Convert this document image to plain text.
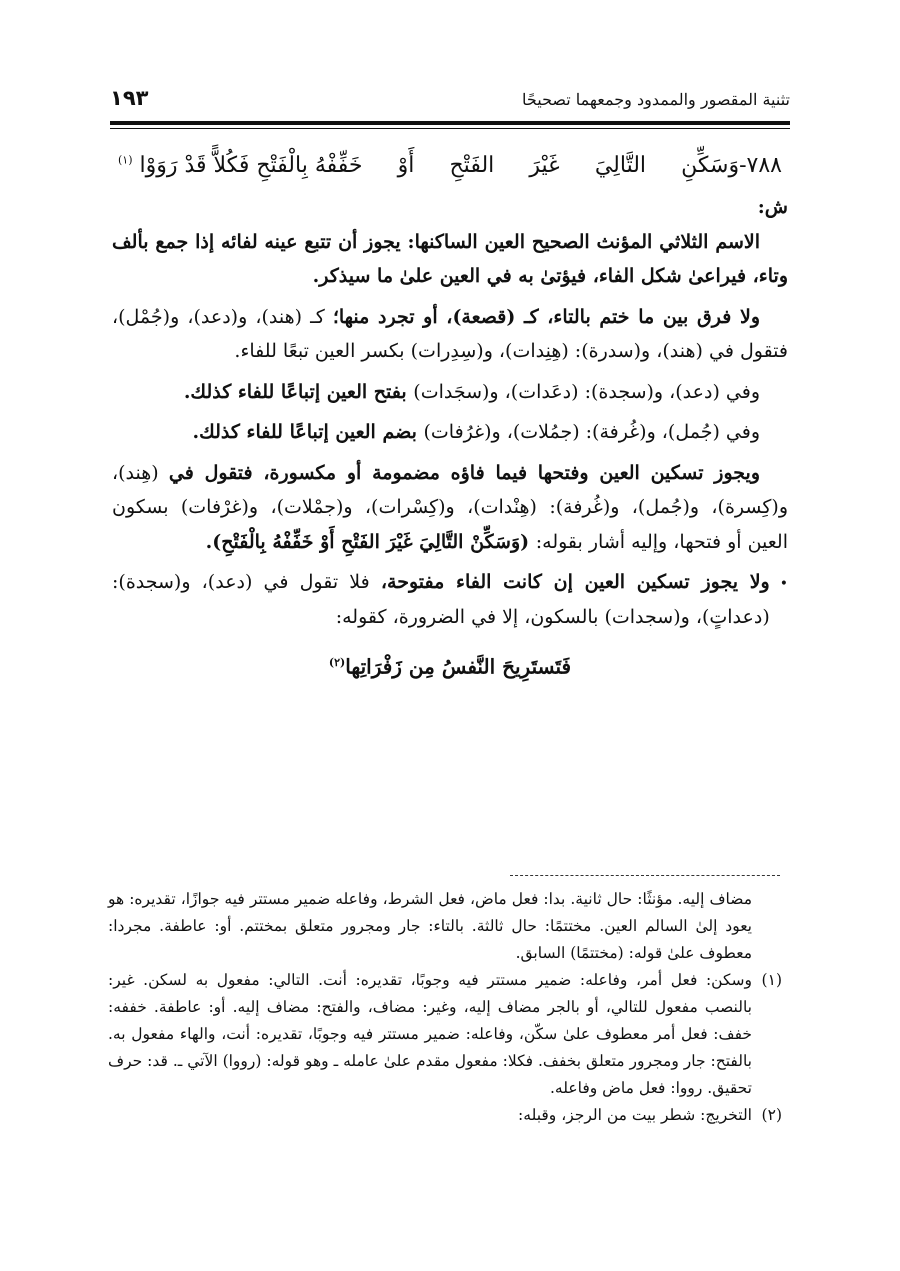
١٩٣	تثنية المقصور والممدود وجمعهما تصحيحًا
٧٨٨-وَسَكِّنِ
التَّالِيَ
غَيْرَ
الفَتْحِ
أَوْ
خَفِّفْهُ بِالْفَتْحِ فَكُلاًّ قَدْ رَوَوْا $^{(١)}$

ش:

الاسم الثلاثي المؤنث الصحيح العين الساكنها: يجوز أن تتبع عينه لفائه إذا جمع بألف وتاء، فيراعىٰ شكل الفاء، فيؤتىٰ به في العين علىٰ ما سيذكر.

ولا فرق بين ما ختم بالتاء، كـ (قصعة)، أو تجرد منها؛ كـ (هند)، و(دعد)، و(جُمْل)، فتقول في (هند)، و(سدرة): (هِنِدات)، و(سِدِرات) بكسر العين تبعًا للفاء.

وفي (دعد)، و(سجدة): (دعَدات)، و(سجَدات) بفتح العين إتباعًا للفاء كذلك.

وفي (جُمل)، و(غُرفة): (جمُلات)، و(غرُفات) بضم العين إتباعًا للفاء كذلك.

ويجوز تسكين العين وفتحها فيما فاؤه مضمومة أو مكسورة، فتقول في (هِند)، و(كِسرة)، و(جُمل)، و(غُرفة): (هِنْدات)، و(كِسْرات)، و(جمْلات)، و(غرْفات) بسكون العين أو فتحها، وإليه أشار بقوله: (وَسَكِّنْ التَّالِيَ غَيْرَ الفَتْحِ أَوْ خَفِّفْهُ بِالْفَتْحِ).

•

ولا يجوز تسكين العين إن كانت الفاء مفتوحة، فلا تقول في (دعد)، و(سجدة): (دعداتٍ)، و(سجدات) بالسكون، إلا في الضرورة، كقوله:

فَتَستَرِيحَ النَّفسُ مِن زَفْرَاتِها$^{(٢)}$

مضاف إليه. مؤنثًا: حال ثانية. بدا: فعل ماض، فعل الشرط، وفاعله ضمير مستتر فيه جوازًا، تقديره: هو يعود إلىٰ السالم العين. مختتمًا: حال ثالثة. بالتاء: جار ومجرور متعلق بمختتم. أو: عاطفة. مجردا: معطوف علىٰ قوله: (مختتمًا) السابق.

(١)

وسكن: فعل أمر، وفاعله: ضمير مستتر فيه وجوبًا، تقديره: أنت. التالي: مفعول به لسكن. غير: بالنصب مفعول للتالي، أو بالجر مضاف إليه، وغير: مضاف، والفتح: مضاف إليه. أو: عاطفة. خففه: خفف: فعل أمر معطوف علىٰ سكّن، وفاعله: ضمير مستتر فيه وجوبًا، تقديره: أنت، والهاء مفعول به. بالفتح: جار ومجرور متعلق بخفف. فكلا: مفعول مقدم علىٰ عامله ـ وهو قوله: (رووا) الآتي ـ. قد: حرف تحقيق. رووا: فعل ماض وفاعله.

(٢)

التخريج: شطر بيت من الرجز، وقبله:
